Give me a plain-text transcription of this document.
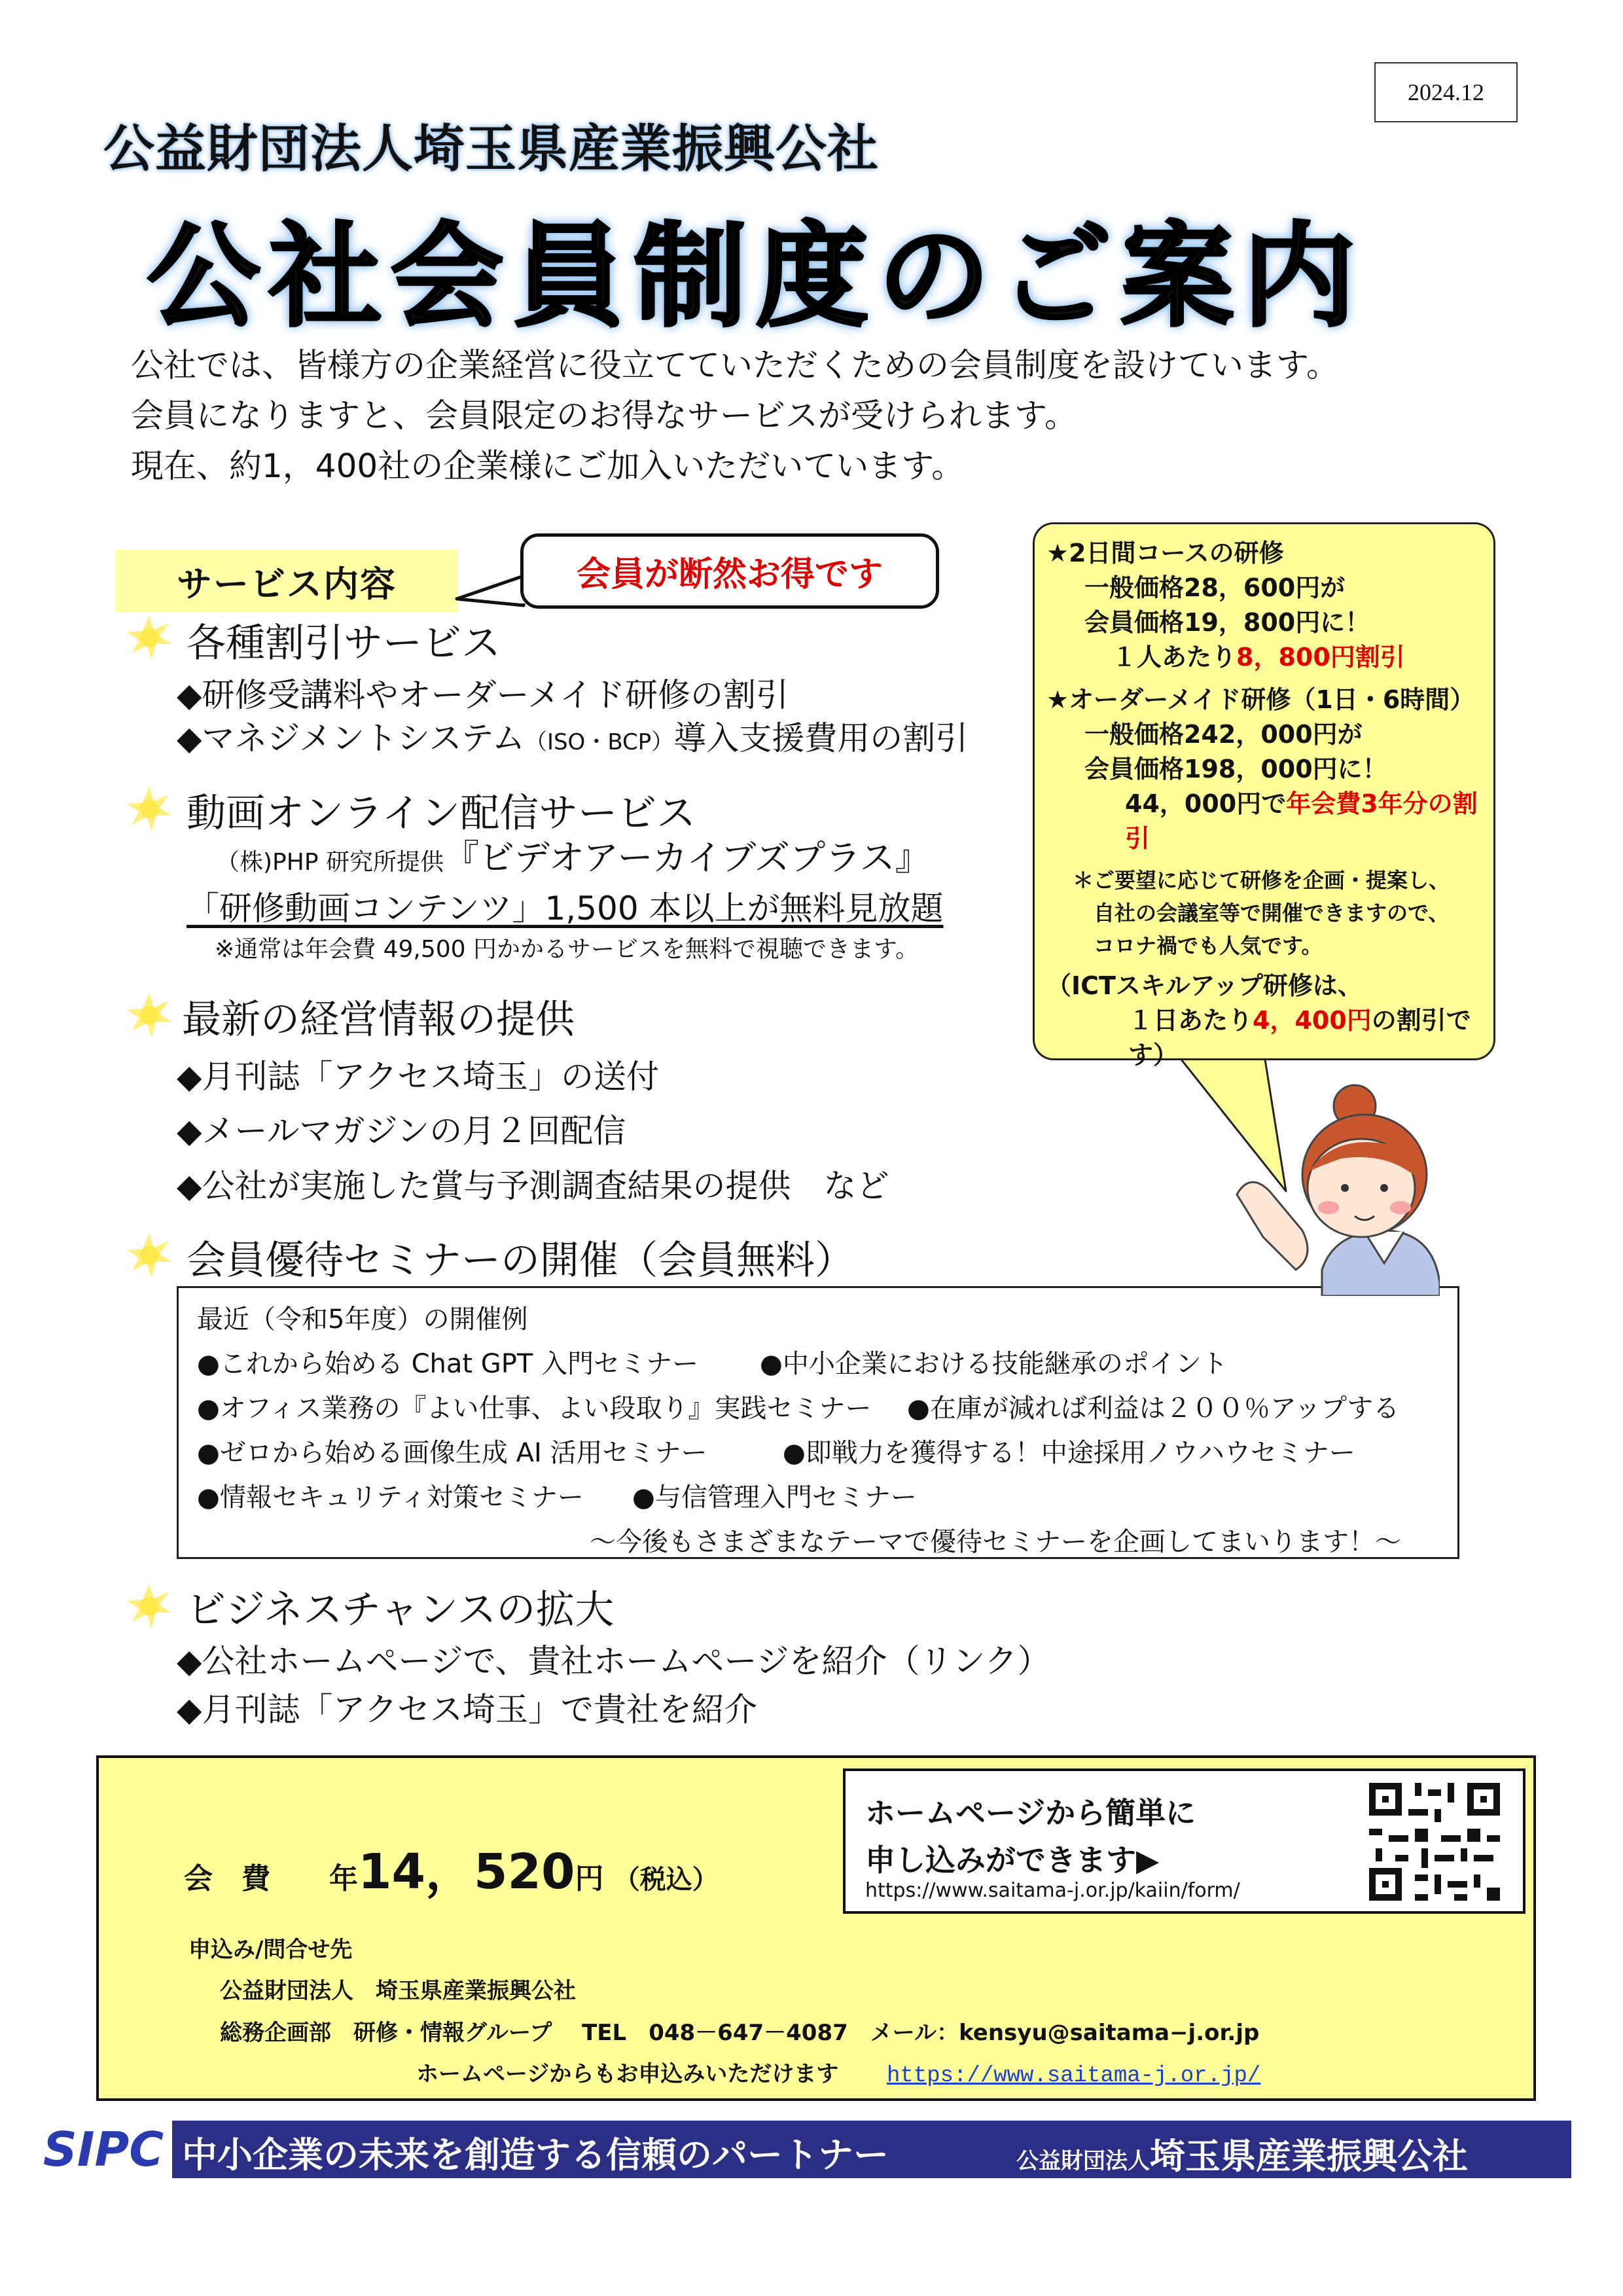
2024.12
公益財団法人埼玉県産業振興公社
公社会員制度のご案内
公社では、皆様方の企業経営に役立てていただくための会員制度を設けています。
会員になりますと、会員限定のお得なサービスが受けられます。
現在、約1，400社の企業様にご加入いただいています。
サービス内容	会員が断然お得です
各種割引サービス
◆研修受講料やオーダーメイド研修の割引
◆マネジメントシステム（ISO・BCP）導入支援費用の割引
動画オンライン配信サービス
（株)PHP 研究所提供『ビデオアーカイブズプラス』
「研修動画コンテンツ」1,500 本以上が無料見放題
※通常は年会費 49,500 円かかるサービスを無料で視聴できます。
最新の経営情報の提供
◆月刊誌「アクセス埼玉」の送付
◆メールマガジンの月２回配信
◆公社が実施した賞与予測調査結果の提供　など
会員優待セミナーの開催（会員無料）
最近（令和5年度）の開催例
●これから始める Chat GPT 入門セミナー	●中小企業における技能継承のポイント
●オフィス業務の『よい仕事、よい段取り』実践セミナー	●在庫が減れば利益は２００％アップする
●ゼロから始める画像生成 AI 活用セミナー	●即戦力を獲得する！中途採用ノウハウセミナー
●情報セキュリティ対策セミナー	●与信管理入門セミナー
～今後もさまざまなテーマで優待セミナーを企画してまいります！～
ビジネスチャンスの拡大
◆公社ホームページで、貴社ホームページを紹介（リンク）
◆月刊誌「アクセス埼玉」で貴社を紹介
★2日間コースの研修
一般価格28，600円が
会員価格19，800円に！
１人あたり8，800円割引
★オーダーメイド研修（1日・6時間）
一般価格242，000円が
会員価格198，000円に！
44，000円で年会費3年分の割引
＊ご要望に応じて研修を企画・提案し、
自社の会議室等で開催できますので、
コロナ禍でも人気です。
（ICTスキルアップ研修は、
１日あたり4，400円の割引です）
会　費 年14，520円 （税込）
申込み/問合せ先
公益財団法人　埼玉県産業振興公社
総務企画部　研修・情報グループ　 TEL　048－647－4087　メール：kensyu@saitama−j.or.jp
ホームページからもお申込みいただけます https://www.saitama-j.or.jp/
ホームページから簡単に
申し込みができます▶
https://www.saitama-j.or.jp/kaiin/form/
SIPC 中小企業の未来を創造する信頼のパートナー	公益財団法人埼玉県産業振興公社
